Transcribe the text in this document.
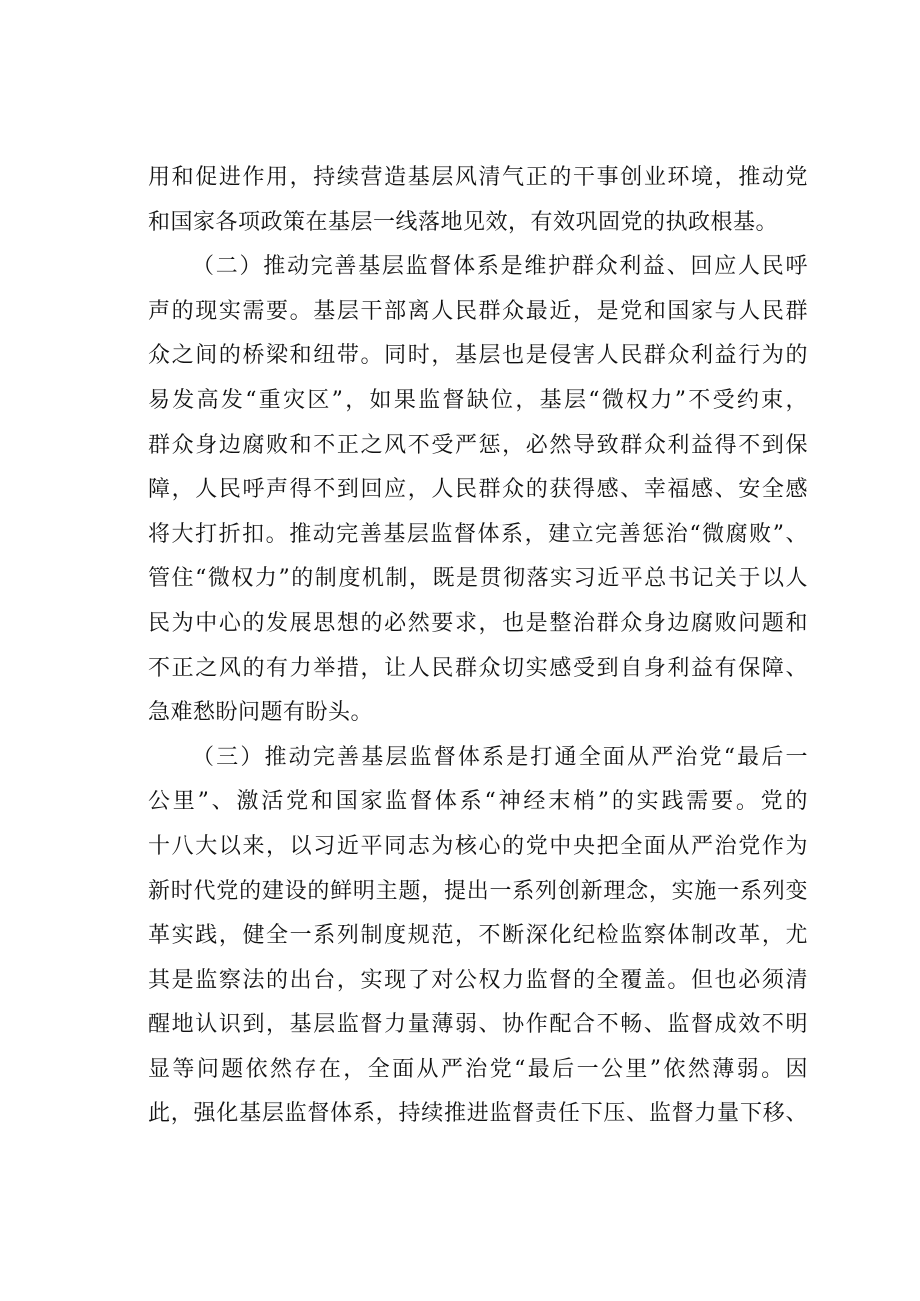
用和促进作用，持续营造基层风清气正的干事创业环境，推动党
和国家各项政策在基层一线落地见效，有效巩固党的执政根基。
（二）推动完善基层监督体系是维护群众利益、回应人民呼
声的现实需要。基层干部离人民群众最近，是党和国家与人民群
众之间的桥梁和纽带。同时，基层也是侵害人民群众利益行为的
易发高发“重灾区”，如果监督缺位，基层“微权力”不受约束，
群众身边腐败和不正之风不受严惩，必然导致群众利益得不到保
障，人民呼声得不到回应，人民群众的获得感、幸福感、安全感
将大打折扣。推动完善基层监督体系，建立完善惩治“微腐败”、
管住“微权力”的制度机制，既是贯彻落实习近平总书记关于以人
民为中心的发展思想的必然要求，也是整治群众身边腐败问题和
不正之风的有力举措，让人民群众切实感受到自身利益有保障、
急难愁盼问题有盼头。
（三）推动完善基层监督体系是打通全面从严治党“最后一
公里”、激活党和国家监督体系“神经末梢”的实践需要。党的
十八大以来，以习近平同志为核心的党中央把全面从严治党作为
新时代党的建设的鲜明主题，提出一系列创新理念，实施一系列变
革实践，健全一系列制度规范，不断深化纪检监察体制改革，尤
其是监察法的出台，实现了对公权力监督的全覆盖。但也必须清
醒地认识到，基层监督力量薄弱、协作配合不畅、监督成效不明
显等问题依然存在，全面从严治党“最后一公里”依然薄弱。因
此，强化基层监督体系，持续推进监督责任下压、监督力量下移、
